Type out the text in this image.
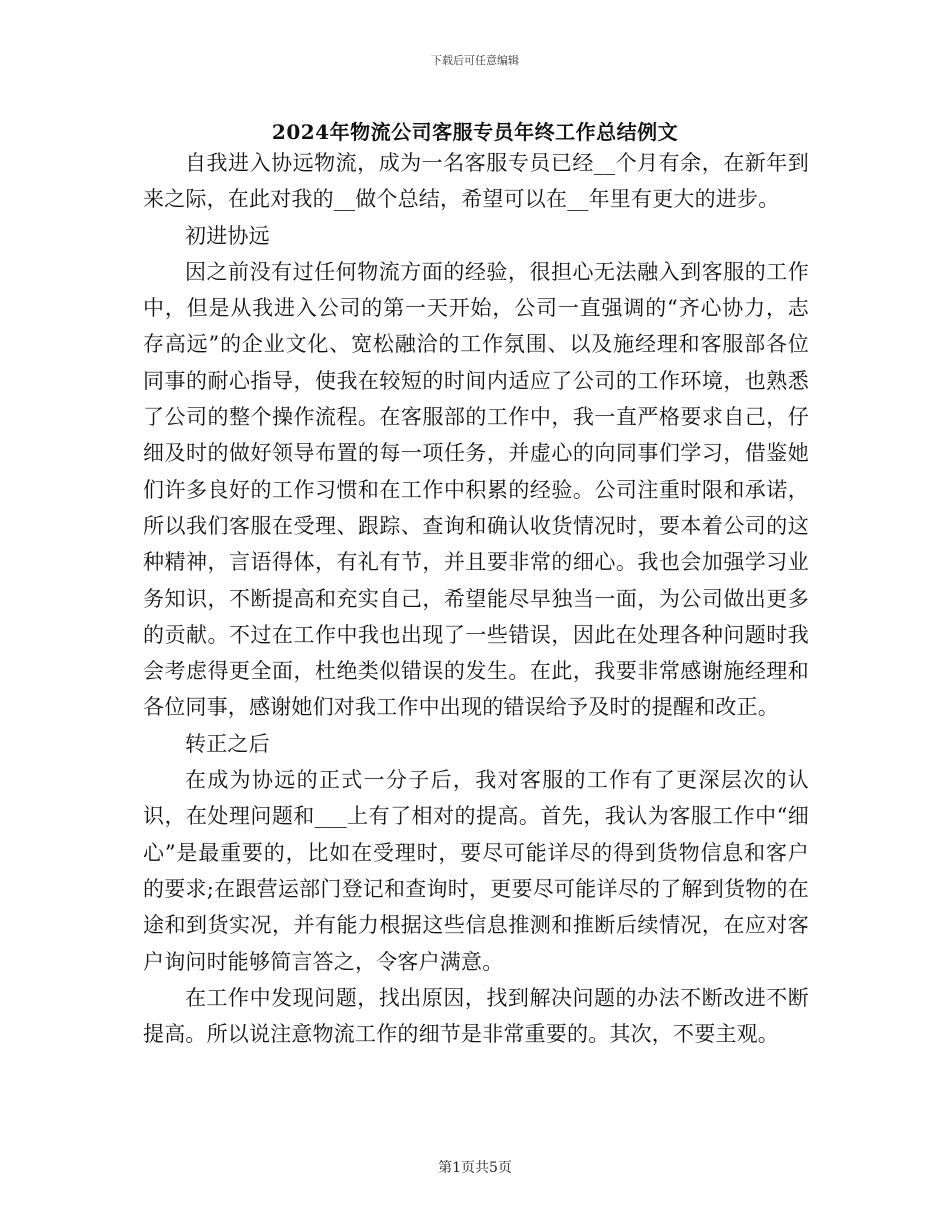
下载后可任意编辑
2024年物流公司客服专员年终工作总结例文

自我进入协远物流，成为一名客服专员已经__个月有余，在新年到来之际，在此对我的__做个总结，希望可以在__年里有更大的进步。

初进协远

因之前没有过任何物流方面的经验，很担心无法融入到客服的工作中，但是从我进入公司的第一天开始，公司一直强调的“齐心协力，志存高远”的企业文化、宽松融洽的工作氛围、以及施经理和客服部各位同事的耐心指导，使我在较短的时间内适应了公司的工作环境，也熟悉了公司的整个操作流程。在客服部的工作中，我一直严格要求自己，仔细及时的做好领导布置的每一项任务，并虚心的向同事们学习，借鉴她们许多良好的工作习惯和在工作中积累的经验。公司注重时限和承诺，所以我们客服在受理、跟踪、查询和确认收货情况时，要本着公司的这种精神，言语得体，有礼有节，并且要非常的细心。我也会加强学习业务知识，不断提高和充实自己，希望能尽早独当一面，为公司做出更多的贡献。不过在工作中我也出现了一些错误，因此在处理各种问题时我会考虑得更全面，杜绝类似错误的发生。在此，我要非常感谢施经理和各位同事，感谢她们对我工作中出现的错误给予及时的提醒和改正。

转正之后

在成为协远的正式一分子后，我对客服的工作有了更深层次的认识，在处理问题和___上有了相对的提高。首先，我认为客服工作中“细心”是最重要的，比如在受理时，要尽可能详尽的得到货物信息和客户的要求;在跟营运部门登记和查询时，更要尽可能详尽的了解到货物的在途和到货实况，并有能力根据这些信息推测和推断后续情况，在应对客户询问时能够简言答之，令客户满意。

在工作中发现问题，找出原因，找到解决问题的办法不断改进不断提高。所以说注意物流工作的细节是非常重要的。其次，不要主观。

第1页共5页
